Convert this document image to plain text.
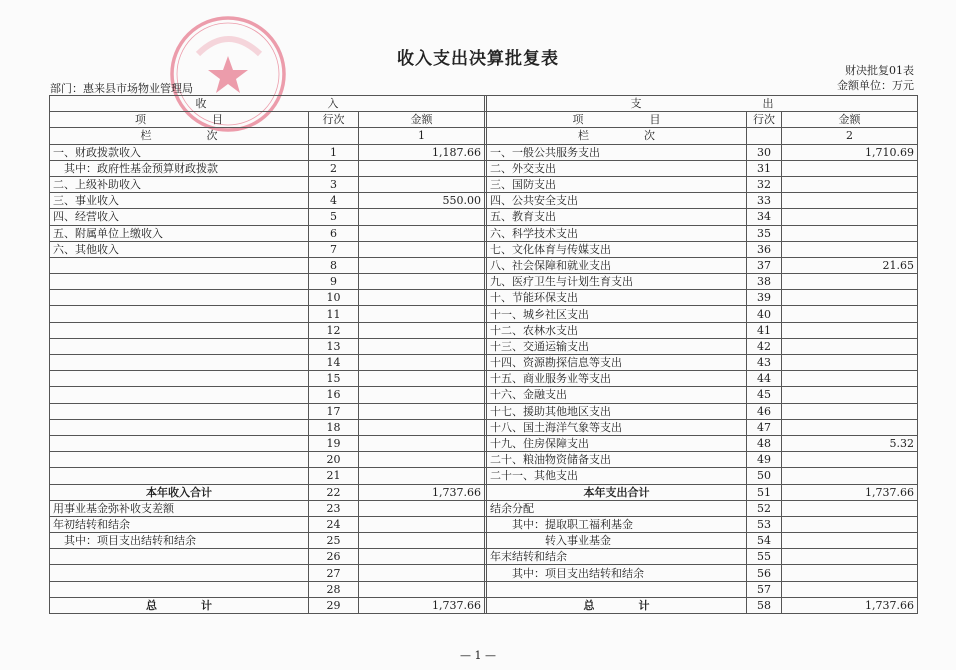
收入支出决算批复表
部门：惠来县市场物业管理局
财决批复01表
金额单位：万元
收　　　　　　　　　　　入				支　　　　　　　　　　　出		
项　　　　　　目	行次	金额		项　　　　　　目	行次	金额
栏　　　　　次		1		栏　　　　　次		2
一、财政拨款收入	1	1,187.66		一、一般公共服务支出	30	1,710.69
　其中：政府性基金预算财政拨款	2			二、外交支出	31	
二、上级补助收入	3			三、国防支出	32	
三、事业收入	4	550.00		四、公共安全支出	33	
四、经营收入	5			五、教育支出	34	
五、附属单位上缴收入	6			六、科学技术支出	35	
六、其他收入	7			七、文化体育与传媒支出	36	
	8			八、社会保障和就业支出	37	21.65
	9			九、医疗卫生与计划生育支出	38	
	10			十、节能环保支出	39	
	11			十一、城乡社区支出	40	
	12			十二、农林水支出	41	
	13			十三、交通运输支出	42	
	14			十四、资源勘探信息等支出	43	
	15			十五、商业服务业等支出	44	
	16			十六、金融支出	45	
	17			十七、援助其他地区支出	46	
	18			十八、国土海洋气象等支出	47	
	19			十九、住房保障支出	48	5.32
	20			二十、粮油物资储备支出	49	
	21			二十一、其他支出	50	
本年收入合计	22	1,737.66		本年支出合计	51	1,737.66
用事业基金弥补收支差额	23			结余分配	52	
年初结转和结余	24			　　其中：提取职工福利基金	53	
　其中：项目支出结转和结余	25			　　　　　转入事业基金	54	
	26			年末结转和结余	55	
	27			　　其中：项目支出结转和结余	56	
	28				57	
总　　　　计	29	1,737.66		总　　　　计	58	1,737.66
— 1 —
